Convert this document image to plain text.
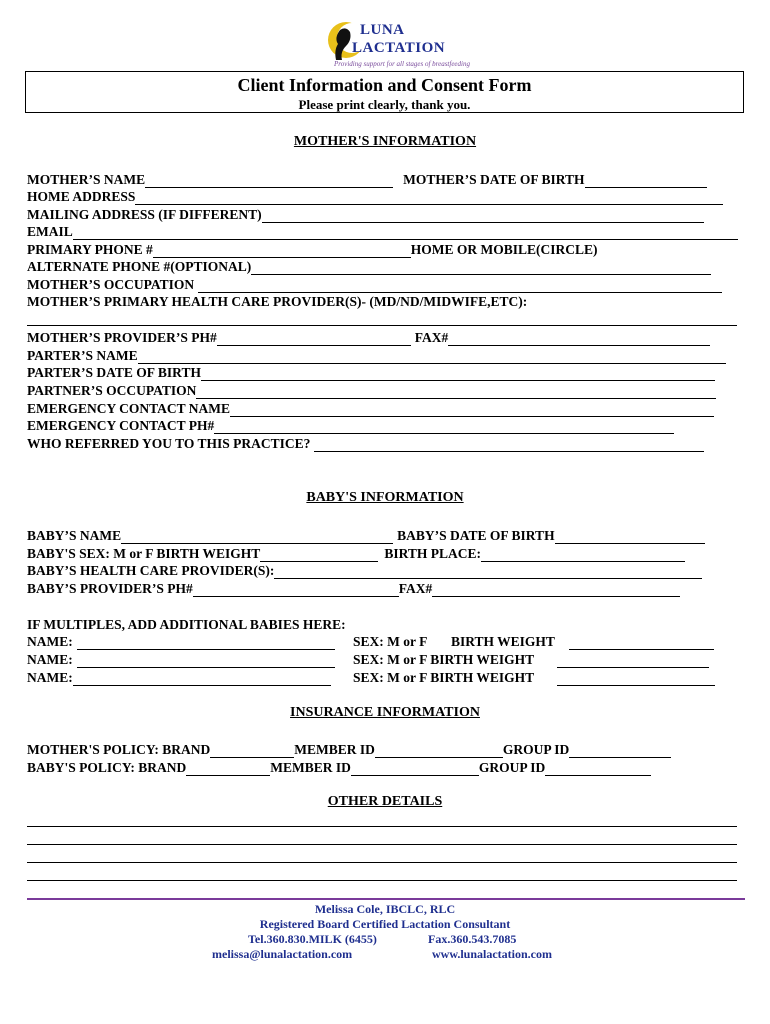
LUNA
LACTATION
Providing support for all stages of breastfeeding
Client Information and Consent Form
Please print clearly, thank you.
MOTHER'S INFORMATION
MOTHER’S NAME	MOTHER’S DATE OF BIRTH
HOME ADDRESS
MAILING ADDRESS (IF DIFFERENT)
EMAIL
PRIMARY PHONE #	HOME OR MOBILE(CIRCLE)
ALTERNATE PHONE #(OPTIONAL)
MOTHER’S OCCUPATION
MOTHER’S PRIMARY HEALTH CARE PROVIDER(S)- (MD/ND/MIDWIFE,ETC):
MOTHER’S PROVIDER’S PH#	FAX#
PARTER’S NAME
PARTER’S DATE OF BIRTH
PARTNER’S OCCUPATION
EMERGENCY CONTACT NAME
EMERGENCY CONTACT PH#
WHO REFERRED YOU TO THIS PRACTICE?
BABY'S INFORMATION
BABY’S NAME	BABY’S DATE OF BIRTH
BABY'S SEX: M or F BIRTH WEIGHT	BIRTH PLACE:
BABY’S HEALTH CARE PROVIDER(S):
BABY’S PROVIDER’S PH#	FAX#
IF MULTIPLES, ADD ADDITIONAL BABIES HERE:
NAME:	SEX: M or F BIRTH WEIGHT
NAME:	SEX: M or F BIRTH WEIGHT
NAME:	SEX: M or F BIRTH WEIGHT
INSURANCE INFORMATION
MOTHER'S POLICY: BRAND	MEMBER ID	GROUP ID
BABY'S POLICY: BRAND	MEMBER ID	GROUP ID
OTHER DETAILS
Melissa Cole, IBCLC, RLC
Registered Board Certified Lactation Consultant
Tel.360.830.MILK (6455)	Fax.360.543.7085
melissa@lunalactation.com	www.lunalactation.com
